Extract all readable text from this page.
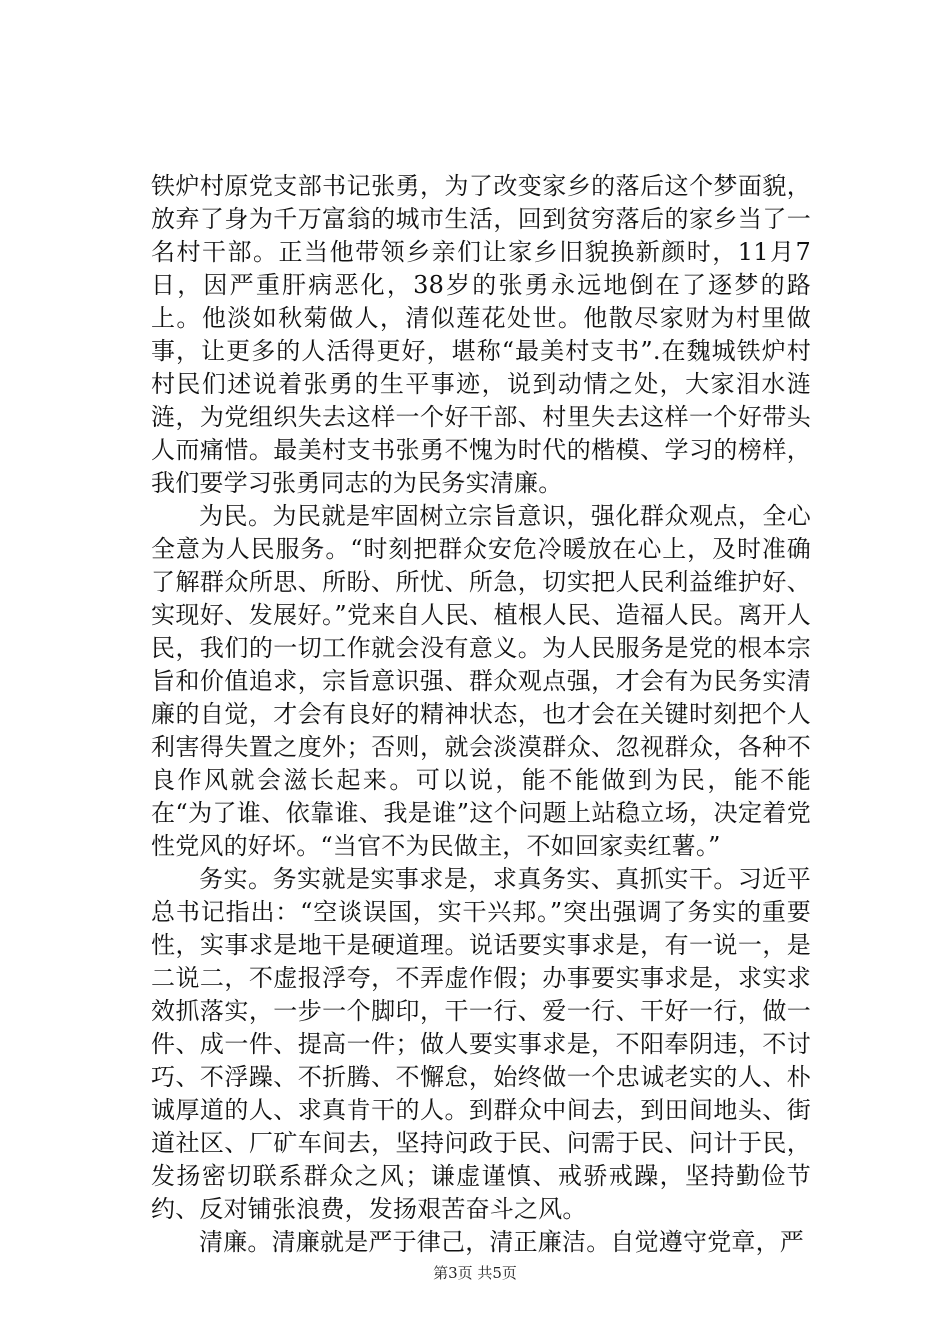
铁炉村原党支部书记张勇，为了改变家乡的落后这个梦面貌，放弃了身为千万富翁的城市生活，回到贫穷落后的家乡当了一名村干部。正当他带领乡亲们让家乡旧貌换新颜时，11月7日，因严重肝病恶化，38岁的张勇永远地倒在了逐梦的路上。他淡如秋菊做人，清似莲花处世。他散尽家财为村里做事，让更多的人活得更好，堪称“最美村支书”.在魏城铁炉村村民们述说着张勇的生平事迹，说到动情之处，大家泪水涟涟，为党组织失去这样一个好干部、村里失去这样一个好带头人而痛惜。最美村支书张勇不愧为时代的楷模、学习的榜样，我们要学习张勇同志的为民务实清廉。

为民。为民就是牢固树立宗旨意识，强化群众观点，全心全意为人民服务。“时刻把群众安危冷暖放在心上，及时准确了解群众所思、所盼、所忧、所急，切实把人民利益维护好、实现好、发展好。”党来自人民、植根人民、造福人民。离开人民，我们的一切工作就会没有意义。为人民服务是党的根本宗旨和价值追求，宗旨意识强、群众观点强，才会有为民务实清廉的自觉，才会有良好的精神状态，也才会在关键时刻把个人利害得失置之度外；否则，就会淡漠群众、忽视群众，各种不良作风就会滋长起来。可以说，能不能做到为民，能不能在“为了谁、依靠谁、我是谁”这个问题上站稳立场，决定着党性党风的好坏。“当官不为民做主，不如回家卖红薯。”

务实。务实就是实事求是，求真务实、真抓实干。习近平总书记指出：“空谈误国，实干兴邦。”突出强调了务实的重要性，实事求是地干是硬道理。说话要实事求是，有一说一，是二说二，不虚报浮夸，不弄虚作假；办事要实事求是，求实求效抓落实，一步一个脚印，干一行、爱一行、干好一行，做一件、成一件、提高一件；做人要实事求是，不阳奉阴违，不讨巧、不浮躁、不折腾、不懈怠，始终做一个忠诚老实的人、朴诚厚道的人、求真肯干的人。到群众中间去，到田间地头、街道社区、厂矿车间去，坚持问政于民、问需于民、问计于民，发扬密切联系群众之风；谦虚谨慎、戒骄戒躁，坚持勤俭节约、反对铺张浪费，发扬艰苦奋斗之风。

清廉。清廉就是严于律己，清正廉洁。自觉遵守党章，严

第3页 共5页
